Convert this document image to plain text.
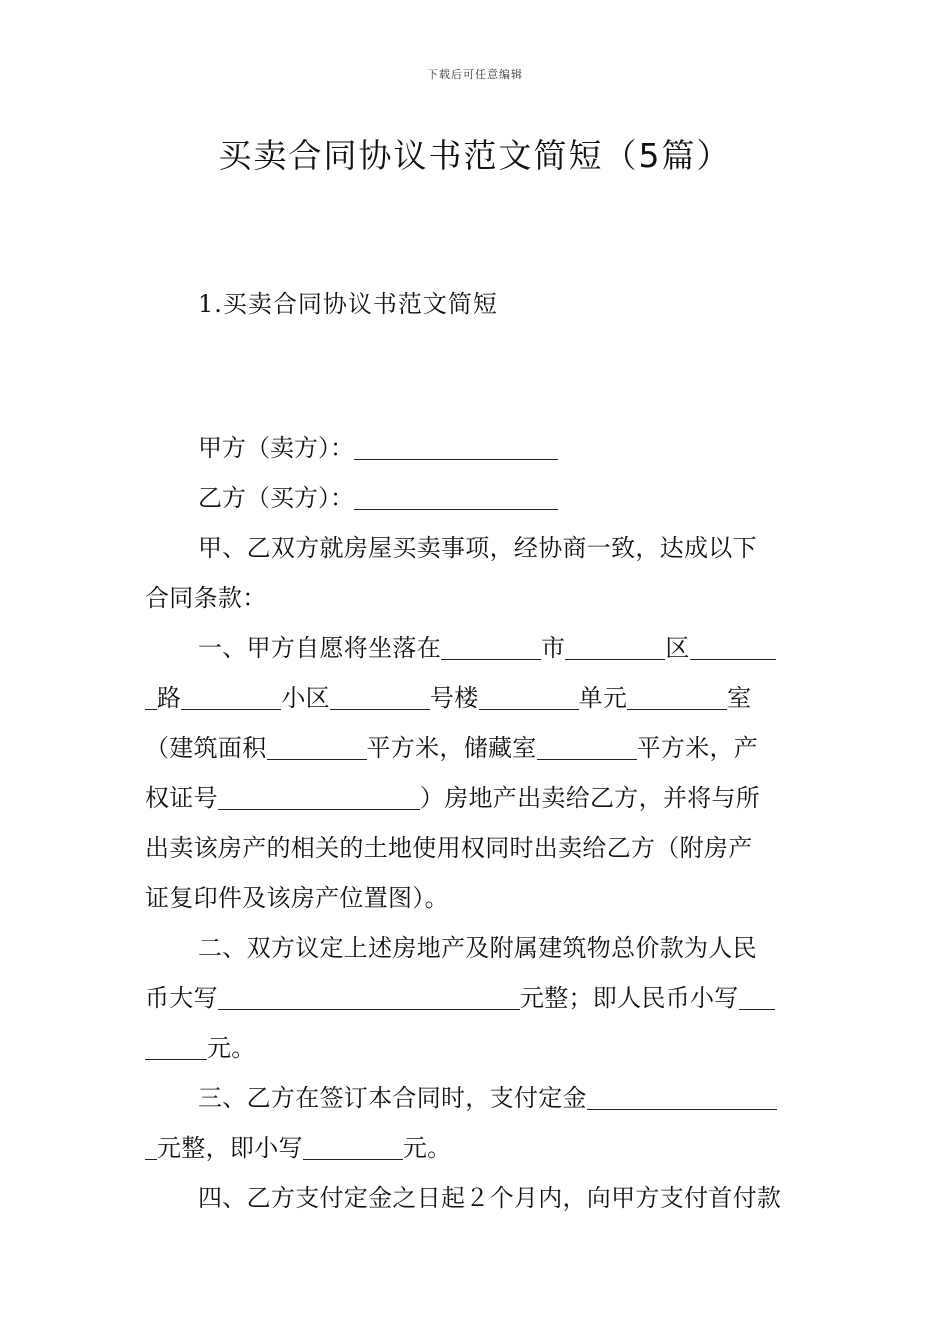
下载后可任意编辑
买卖合同协议书范文简短（5篇）
1.买卖合同协议书范文简短

甲方（卖方）：

乙方（买方）：

甲、乙双方就房屋买卖事项，经协商一致，达成以下
合同条款：

一、甲方自愿将坐落在	市	区
路	小区	号楼	单元	室
（建筑面积	平方米，储藏室	平方米，产
权证号	）房地产出卖给乙方，并将与所
出卖该房产的相关的土地使用权同时出卖给乙方（附房产
证复印件及该房产位置图）。

二、双方议定上述房地产及附属建筑物总价款为人民
币大写	元整；即人民币小写
元。

三、乙方在签订本合同时，支付定金
元整，即小写	元。

四、乙方支付定金之日起２个月内，向甲方支付首付款
